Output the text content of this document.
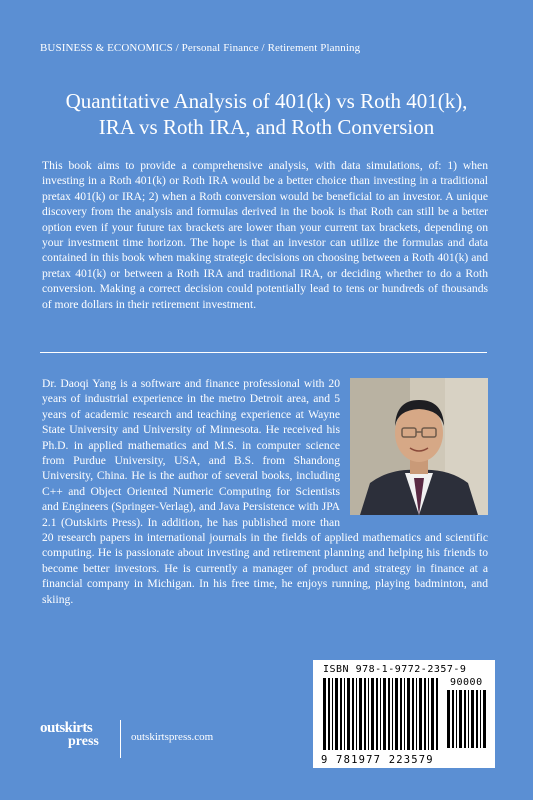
BUSINESS & ECONOMICS / Personal Finance / Retirement Planning
Quantitative Analysis of 401(k) vs Roth 401(k),
IRA vs Roth IRA, and Roth Conversion
This book aims to provide a comprehensive analysis, with data simulations, of: 1) when investing in a Roth 401(k) or Roth IRA would be a better choice than investing in a traditional pretax 401(k) or IRA; 2) when a Roth conversion would be beneficial to an investor. A unique discovery from the analysis and formulas derived in the book is that Roth can still be a better option even if your future tax brackets are lower than your current tax brackets, depending on your investment time horizon. The hope is that an investor can utilize the formulas and data contained in this book when making strategic decisions on choosing between a Roth 401(k) and pretax 401(k) or between a Roth IRA and traditional IRA, or deciding whether to do a Roth conversion. Making a correct decision could potentially lead to tens or hundreds of thousands of more dollars in their retirement investment.
Dr. Daoqi Yang is a software and finance professional with 20 years of industrial experience in the metro Detroit area, and 5 years of academic research and teaching experience at Wayne State University and University of Minnesota. He received his Ph.D. in applied mathematics and M.S. in computer science from Purdue University, USA, and B.S. from Shandong University, China. He is the author of several books, including C++ and Object Oriented Numeric Computing for Scientists and Engineers (Springer-Verlag), and Java Persistence with JPA 2.1 (Outskirts Press). In addition, he has published more than 20 research papers in international journals in the fields of applied mathematics and scientific computing. He is passionate about investing and retirement planning and helping his friends to become better investors. He is currently a manager of product and strategy in finance at a financial company in Michigan. In his free time, he enjoys running, playing badminton, and skiing.
ISBN 978-1-9772-2357-9
90000
9 781977 223579
outskirts
press	outskirtspress.com
